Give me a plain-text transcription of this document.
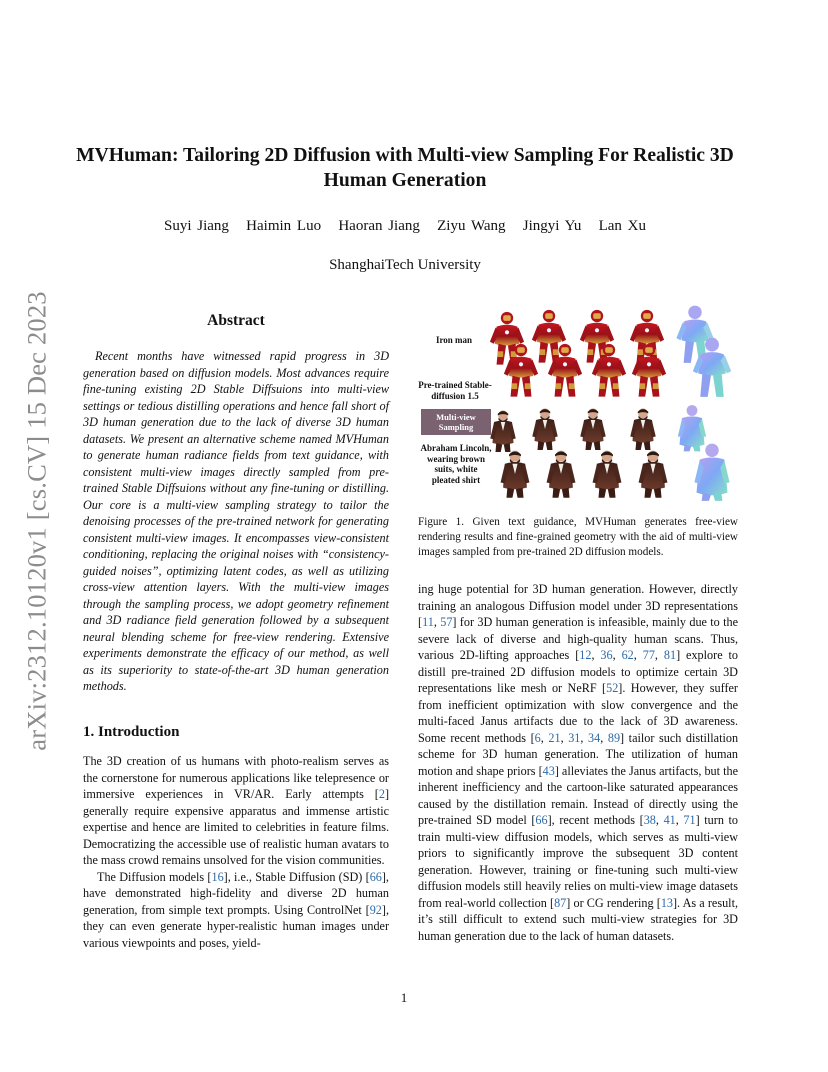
arXiv:2312.10120v1 [cs.CV] 15 Dec 2023
MVHuman: Tailoring 2D Diffusion with Multi-view Sampling For Realistic 3D
Human Generation
Suyi Jiang   Haimin Luo   Haoran Jiang   Ziyu Wang   Jingyi Yu   Lan Xu
ShanghaiTech University
Abstract

Recent months have witnessed rapid progress in 3D generation based on diffusion models. Most advances require fine-tuning existing 2D Stable Diffsuions into multi-view settings or tedious distilling operations and hence fall short of 3D human generation due to the lack of diverse 3D human datasets. We present an alternative scheme named MVHuman to generate human radiance fields from text guidance, with consistent multi-view images directly sampled from pre-trained Stable Diffsuions without any fine-tuning or distilling. Our core is a multi-view sampling strategy to tailor the denoising processes of the pre-trained network for generating consistent multi-view images. It encompasses view-consistent conditioning, replacing the original noises with “consistency-guided noises”, optimizing latent codes, as well as utilizing cross-view attention layers. With the multi-view images through the sampling process, we adopt geometry refinement and 3D radiance field generation followed by a subsequent neural blending scheme for free-view rendering. Extensive experiments demonstrate the efficacy of our method, as well as its superiority to state-of-the-art 3D human generation methods.

1. Introduction

The 3D creation of us humans with photo-realism serves as the cornerstone for numerous applications like telepresence or immersive experiences in VR/AR. Early attempts [2] generally require expensive apparatus and immense artistic expertise and hence are limited to celebrities in feature films. Democratizing the accessible use of realistic human avatars to the mass crowd remains unsolved for the vision communities.

The Diffusion models [16], i.e., Stable Diffusion (SD) [66], have demonstrated high-fidelity and diverse 2D human generation, from simple text prompts. Using ControlNet [92], they can even generate hyper-realistic human images under various viewpoints and poses, yield-

Iron man
Pre-trained Stable-diffusion 1.5
Multi-view Sampling
Abraham Lincoln, wearing brown suits, white pleated shirt

Figure 1. Given text guidance, MVHuman generates free-view rendering results and fine-grained geometry with the aid of multi-view images sampled from pre-trained 2D diffusion models.

ing huge potential for 3D human generation. However, directly training an analogous Diffusion model under 3D representations [11, 57] for 3D human generation is infeasible, mainly due to the severe lack of diverse and high-quality human scans. Thus, various 2D-lifting approaches [12, 36, 62, 77, 81] explore to distill pre-trained 2D diffusion models to optimize certain 3D representations like mesh or NeRF [52]. However, they suffer from inefficient optimization with slow convergence and the multi-faced Janus artifacts due to the lack of 3D awareness. Some recent methods [6, 21, 31, 34, 89] tailor such distillation scheme for 3D human generation. The utilization of human motion and shape priors [43] alleviates the Janus artifacts, but the inherent inefficiency and the cartoon-like saturated appearances caused by the distillation remain. Instead of directly using the pre-trained SD model [66], recent methods [38, 41, 71] turn to train multi-view diffusion models, which serves as multi-view priors to significantly improve the subsequent 3D content generation. However, training or fine-tuning such multi-view diffusion models still heavily relies on multi-view image datasets from real-world collection [87] or CG rendering [13]. As a result, it’s still difficult to extend such multi-view strategies for 3D human generation due to the lack of human datasets.

1
